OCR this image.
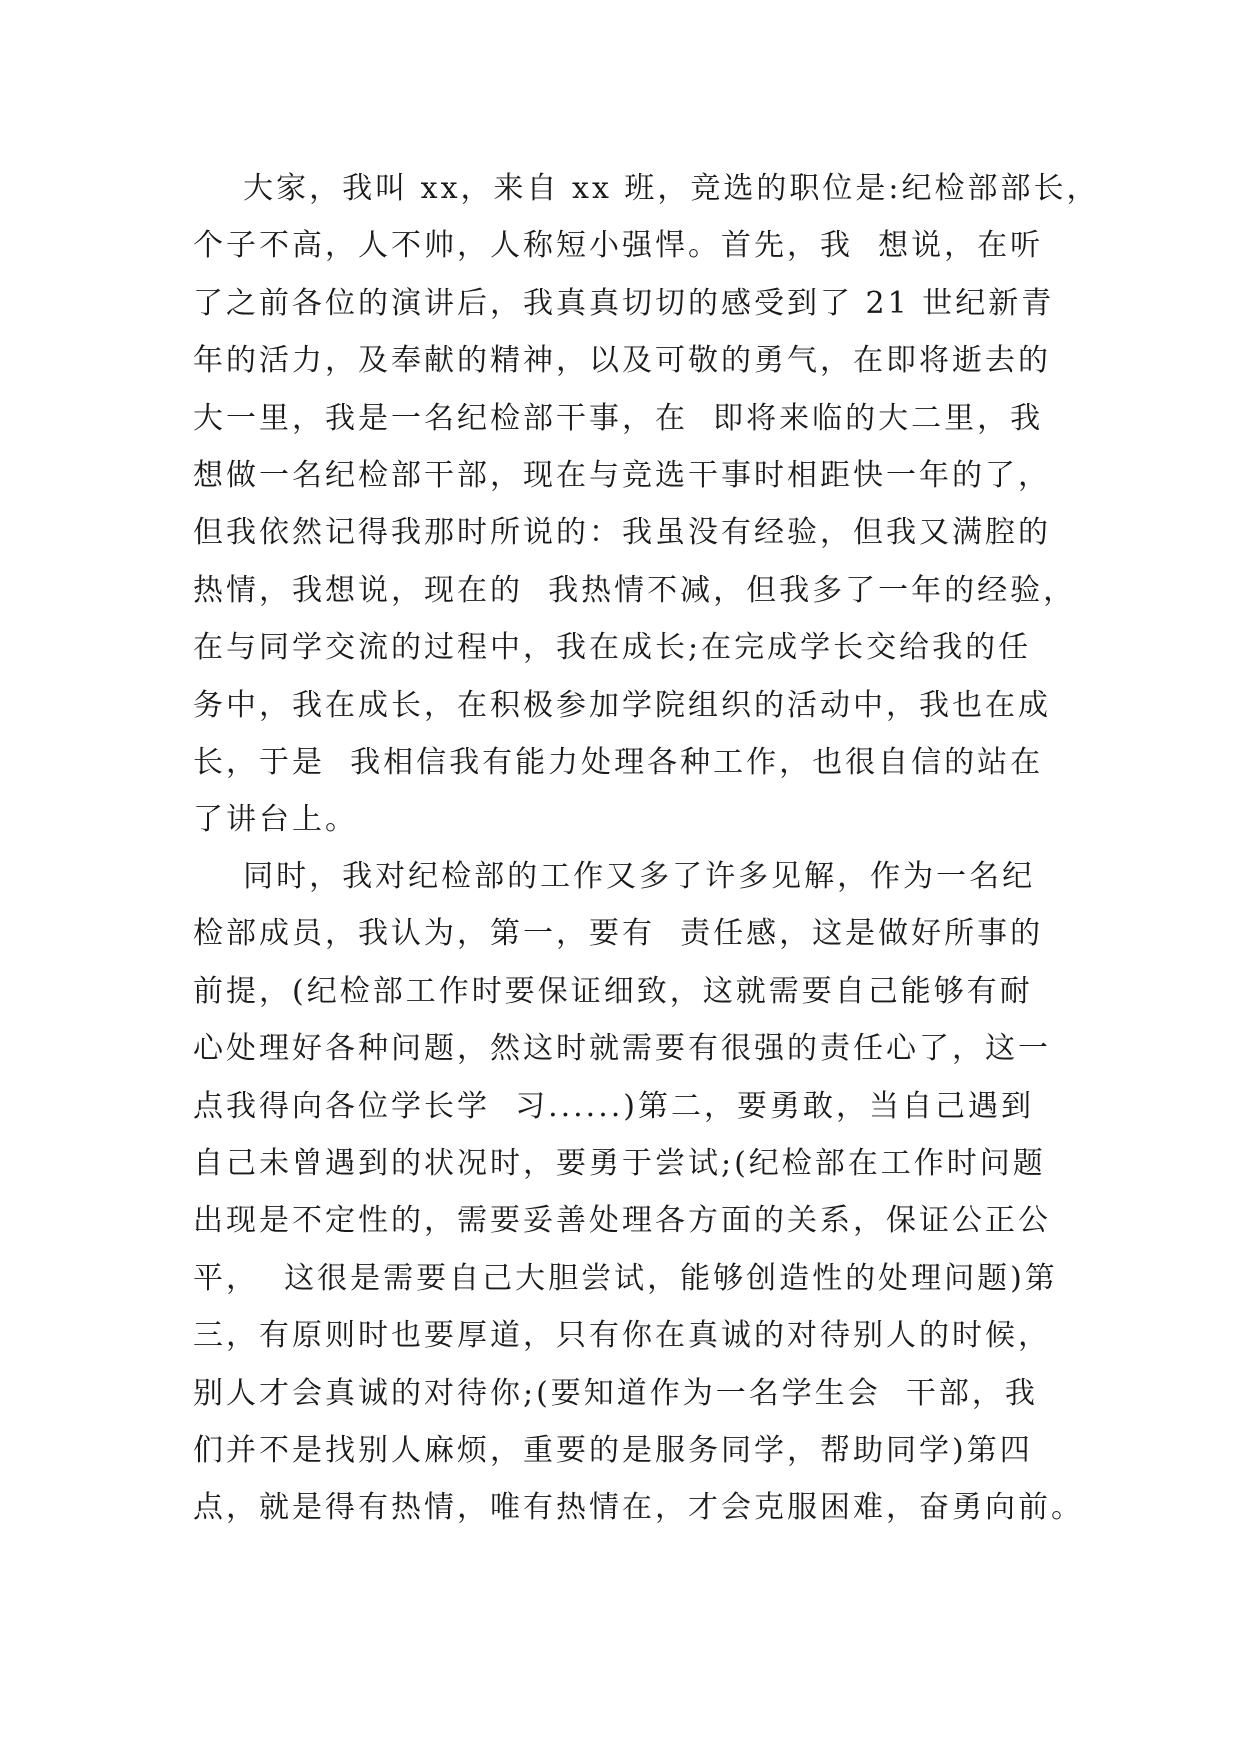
大家，我叫 xx，来自 xx 班，竞选的职位是:纪检部部长，
个子不高，人不帅，人称短小强悍。首先，我  想说，在听
了之前各位的演讲后，我真真切切的感受到了 21 世纪新青
年的活力，及奉献的精神，以及可敬的勇气，在即将逝去的
大一里，我是一名纪检部干事，在  即将来临的大二里，我
想做一名纪检部干部，现在与竞选干事时相距快一年的了，
但我依然记得我那时所说的：我虽没有经验，但我又满腔的
热情，我想说，现在的  我热情不减，但我多了一年的经验，
在与同学交流的过程中，我在成长;在完成学长交给我的任
务中，我在成长，在积极参加学院组织的活动中，我也在成
长，于是  我相信我有能力处理各种工作，也很自信的站在
了讲台上。
同时，我对纪检部的工作又多了许多见解，作为一名纪
检部成员，我认为，第一，要有  责任感，这是做好所事的
前提，(纪检部工作时要保证细致，这就需要自己能够有耐
心处理好各种问题，然这时就需要有很强的责任心了，这一
点我得向各位学长学  习......)第二，要勇敢，当自己遇到
自己未曾遇到的状况时，要勇于尝试;(纪检部在工作时问题
出现是不定性的，需要妥善处理各方面的关系，保证公正公
平，  这很是需要自己大胆尝试，能够创造性的处理问题)第
三，有原则时也要厚道，只有你在真诚的对待别人的时候，
别人才会真诚的对待你;(要知道作为一名学生会  干部，我
们并不是找别人麻烦，重要的是服务同学，帮助同学)第四
点，就是得有热情，唯有热情在，才会克服困难，奋勇向前。
